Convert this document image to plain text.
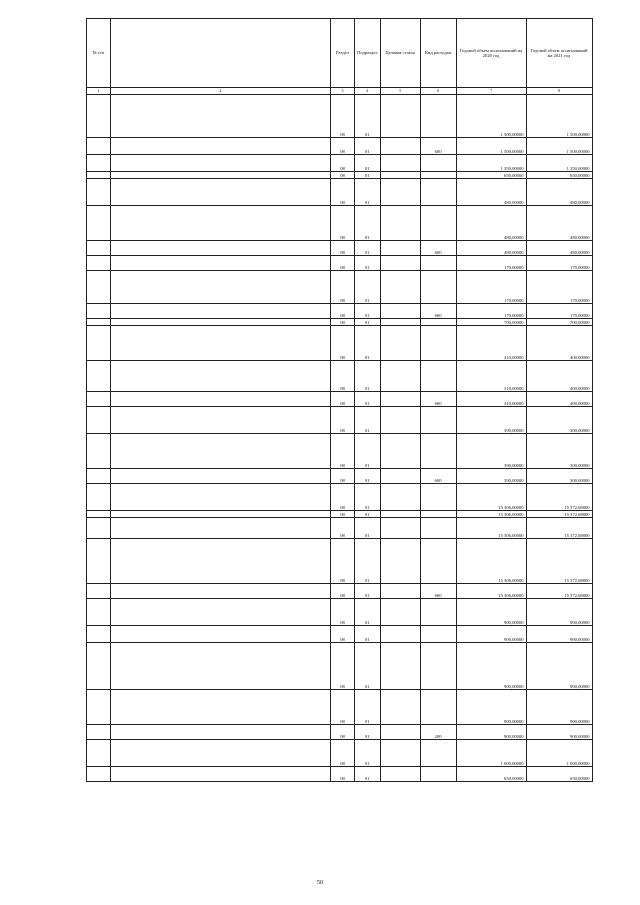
№ п/п		Раздел	Подраздел	Целевая статья	Вид расходов	Годовой объем ассигнований на 2020 год	Годовой объем ассигнований на 2021 год
1	2	3	4	5	6	7	8
		08	01			1 500,00000	1 500,00000
		08	01		600	1 500,00000	1 500,00000
		08	01			1 350,00000	1 350,00000
		08	01			650,00000	650,00000
		08	01			480,00000	480,00000
		08	01			480,00000	480,00000
		08	01		600	480,00000	480,00000
		08	01			170,00000	170,00000
		08	01			170,00000	170,00000
		08	01		600	170,00000	170,00000
		08	01			700,00000	700,00000
		08	01			310,00000	400,00000
		08	01			310,00000	400,00000
		08	01		600	310,00000	400,00000
		08	01			390,00000	300,00000
		08	01			390,00000	300,00000
		08	01		600	390,00000	300,00000
		08	01			15 306,00000	15 372,68800
		08	01			15 306,00000	15 372,68800
		08	01			15 306,00000	15 372,68800
		08	01			15 306,00000	15 372,68800
		08	01		600	15 306,00000	15 372,68800
		08	01			900,00000	900,00000
		08	01			900,00000	900,00000
		08	01			900,00000	900,00000
		08	01			900,00000	900,00000
		08	01		200	900,00000	900,00000
		08	01			1 000,00000	1 000,00000
		08	01			650,00000	650,00000
50
